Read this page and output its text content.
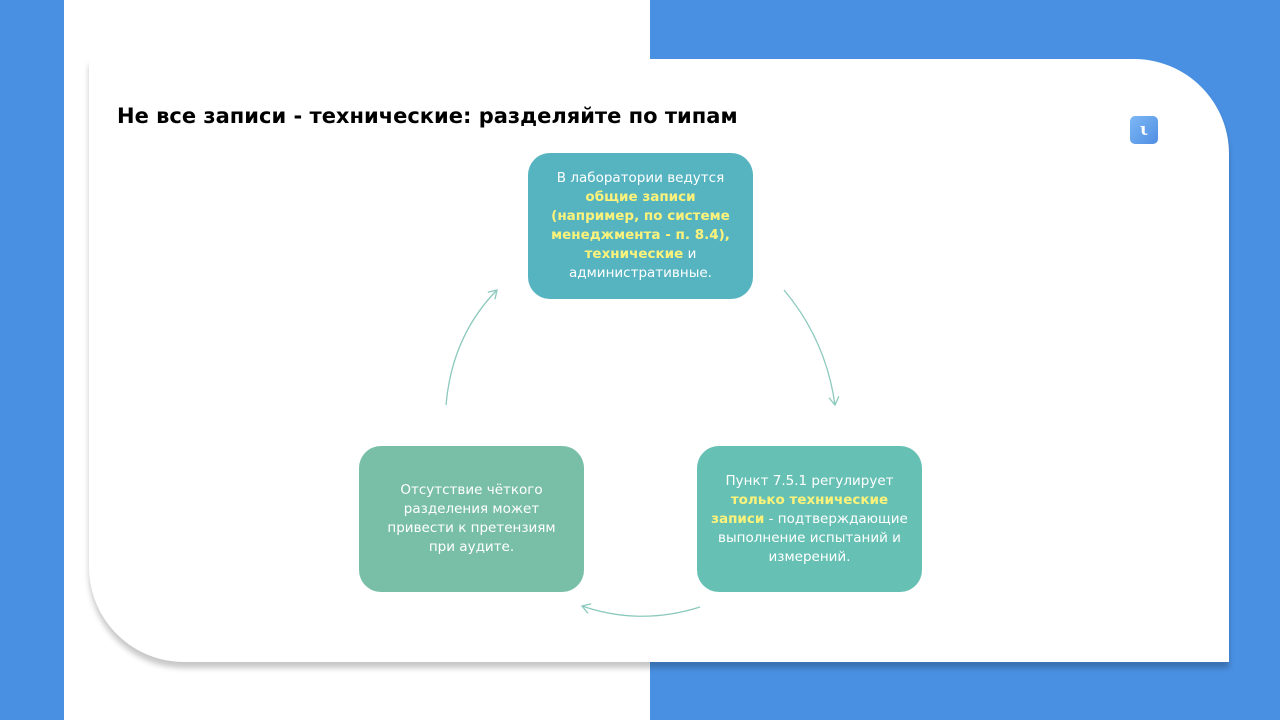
Не все записи - технические: разделяйте по типам
ι

В лаборатории ведутся общие записи (например, по системе менеджмента - п. 8.4), технические и административные.

Пункт 7.5.1 регулирует только технические записи - подтверждающие выполнение испытаний и измерений.

Отсутствие чёткого разделения может привести к претензиям при аудите.
